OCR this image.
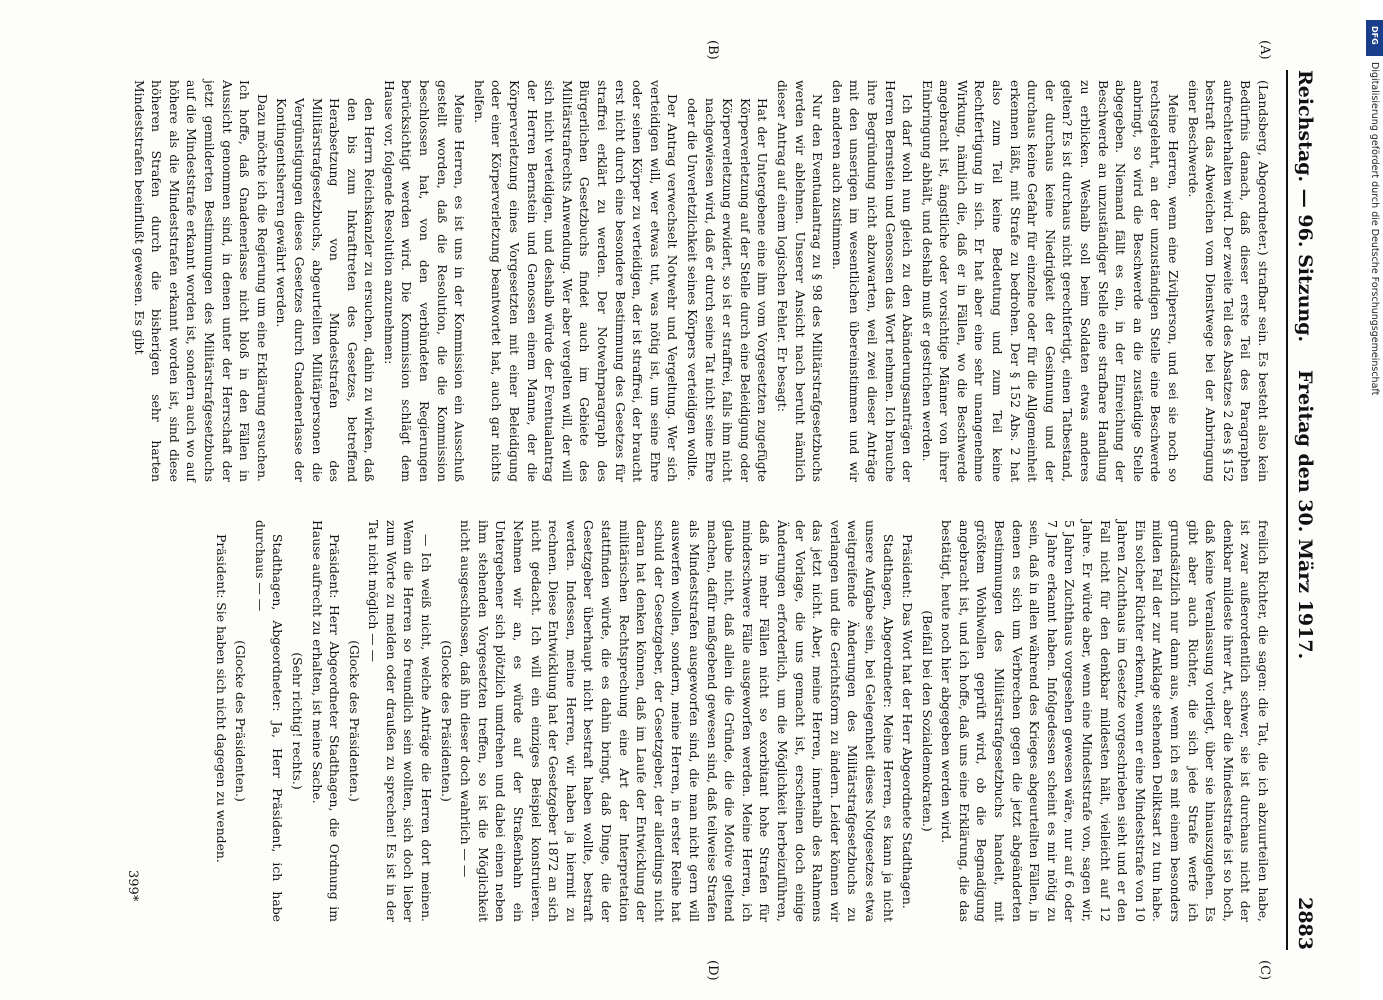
Reichstag. — 96. Sitzung.
Freitag den 30. März 1917.
2883
(A)
(B)
(C)
(D)

(Landsberg, Abgeordneter.) strafbar sein. Es besteht also kein Bedürfnis danach, daß dieser erste Teil des Paragraphen aufrechterhalten wird. Der zweite Teil des Absatzes 2 des § 152 bestraft das Abweichen vom Dienstwege bei der Anbringung einer Beschwerde.

Meine Herren, wenn eine Zivilperson, und sei sie noch so rechtsgelehrt, an der unzuständigen Stelle eine Beschwerde anbringt, so wird die Beschwerde an die zuständige Stelle abgegeben. Niemand fällt es ein, in der Einreichung der Beschwerde an unzuständiger Stelle eine strafbare Handlung zu erblicken. Weshalb soll beim Soldaten etwas anderes gelten? Es ist durchaus nicht gerechtfertigt, einen Tatbestand, der durchaus keine Niedrigkeit der Gesinnung und der durchaus keine Gefahr für einzelne oder für die Allgemeinheit erkennen läßt, mit Strafe zu bedrohen. Der § 152 Abs. 2 hat also zum Teil keine Bedeutung und zum Teil keine Rechtfertigung in sich. Er hat aber eine sehr unangenehme Wirkung, nämlich die, daß er in Fällen, wo die Beschwerde angebracht ist, ängstliche oder vorsichtige Männer von ihrer Einbringung abhält, und deshalb muß er gestrichen werden.

Ich darf wohl nun gleich zu den Abänderungsanträgen der Herren Bernstein und Genossen das Wort nehmen. Ich brauche ihre Begründung nicht abzuwarten, weil zwei dieser Anträge mit den unserigen im wesentlichen übereinstimmen und wir den anderen auch zustimmen.

Nur den Eventualantrag zu § 98 des Militärstrafgesetzbuchs werden wir ablehnen. Unserer Ansicht nach beruht nämlich dieser Antrag auf einem logischen Fehler. Er besagt:

Hat der Untergebene eine ihm vom Vorgesetzten zugefügte Körperverletzung auf der Stelle durch eine Beleidigung oder Körperverletzung erwidert, so ist er straffrei, falls ihm nicht nachgewiesen wird, daß er durch seine Tat nicht seine Ehre oder die Unverletzlichkeit seines Körpers verteidigen wollte.

Der Antrag verwechselt Notwehr und Vergeltung. Wer sich verteidigen will, wer etwas tut, was nötig ist, um seine Ehre oder seinen Körper zu verteidigen, der ist straffrei, der braucht erst nicht durch eine besondere Bestimmung des Gesetzes für straffrei erklärt zu werden. Der Notwehrparagraph des Bürgerlichen Gesetzbuchs findet auch im Gebiete des Militärstrafrechts Anwendung. Wer aber vergelten will, der will sich nicht verteidigen, und deshalb würde der Eventualantrag der Herren Bernstein und Genossen einem Manne, der die Körperverletzung eines Vorgesetzten mit einer Beleidigung oder einer Körperverletzung beantwortet hat, auch gar nichts helfen.

Meine Herren, es ist uns in der Kommission ein Ausschuß gestellt worden, daß die Resolution, die die Kommission beschlossen hat, von den verbündeten Regierungen berücksichtigt werden wird. Die Kommission schlägt dem Hause vor, folgende Resolution anzunehmen:

den Herrn Reichskanzler zu ersuchen, dahin zu wirken, daß den bis zum Inkrafttreten des Gesetzes, betreffend Herabsetzung von Mindeststrafen des Militärstrafgesetzbuchs, abgeurteilten Militärpersonen die Vergünstigungen dieses Gesetzes durch Gnadenerlasse der Kontingentsherren gewährt werden.

Dazu möchte ich die Regierung um eine Erklärung ersuchen. Ich hoffe, daß Gnadenerlasse nicht bloß in den Fällen in Aussicht genommen sind, in denen unter der Herrschaft der jetzt gemilderten Bestimmungen des Militärstrafgesetzbuchs auf die Mindeststrafe erkannt worden ist, sondern auch wo auf höhere als die Mindeststrafen erkannt worden ist, sind diese höheren Strafen durch die bisherigen sehr harten Mindeststrafen beeinflußt gewesen. Es gibt

freilich Richter, die sagen: die Tat, die ich abzuurteilen habe, ist zwar außerordentlich schwer, sie ist durchaus nicht der denkbar mildeste ihrer Art, aber die Mindeststrafe ist so hoch, daß keine Veranlassung vorliegt, über sie hinauszugehen. Es gibt aber auch Richter, die sich jede Strafe werfe ich grundsätzlich nur dann aus, wenn ich es mit einem besonders milden Fall der zur Anklage stehenden Deliktsart zu tun habe. Ein solcher Richter erkennt, wenn er eine Mindeststrafe von 10 Jahren Zuchthaus im Gesetze vorgeschrieben sieht und er den Fall nicht für den denkbar mildesten hält, vielleicht auf 12 Jahre. Er würde aber, wenn eine Mindeststrafe von, sagen wir, 5 Jahren Zuchthaus vorgesehen gewesen wäre, nur auf 6 oder 7 Jahre erkannt haben. Infolgedessen scheint es mir nötig zu sein, daß in allen während des Krieges abgeurteilten Fällen, in denen es sich um Verbrechen gegen die jetzt abgeänderten Bestimmungen des Militärstrafgesetzbuchs handelt, mit größtem Wohlwollen geprüft wird, ob die Begnadigung angebracht ist, und ich hoffe, daß uns eine Erklärung, die das bestätigt, heute noch hier abgegeben werden wird.

(Beifall bei den Sozialdemokraten.)

Präsident: Das Wort hat der Herr Abgeordnete Stadthagen.

Stadthagen, Abgeordneter: Meine Herren, es kann ja nicht unsere Aufgabe sein, bei Gelegenheit dieses Notgesetzes etwa weitgreifende Änderungen des Militärstrafgesetzbuchs zu verlangen und die Gerichtsform zu ändern. Leider können wir das jetzt nicht. Aber, meine Herren, innerhalb des Rahmens der Vorlage, die uns gemacht ist, erscheinen doch einige Änderungen erforderlich, um die Möglichkeit herbeizuführen, daß in mehr Fällen nicht so exorbitant hohe Strafen für minderschwere Fälle ausgeworfen werden. Meine Herren, ich glaube nicht, daß allein die Gründe, die die Motive geltend machen, dafür maßgebend gewesen sind, daß teilweise Strafen als Mindeststrafen ausgeworfen sind, die man nicht gern will auswerfen wollen, sondern, meine Herren, in erster Reihe hat schuld der Gesetzgeber, der Gesetzgeber, der allerdings nicht daran hat denken können, daß im Laufe der Entwicklung der militärischen Rechtsprechung eine Art der Interpretation stattfinden würde, die es dahin bringt, daß Dinge, die der Gesetzgeber überhaupt nicht bestraft haben wollte, bestraft werden. Indessen, meine Herren, wir haben ja hiermit zu rechnen. Diese Entwicklung hat der Gesetzgeber 1872 an sich nicht gedacht. Ich will ein einziges Beispiel konstruieren. Nehmen wir an, es würde auf der Straßenbahn ein Untergebener sich plötzlich umdrehen und dabei einen neben ihm stehenden Vorgesetzten treffen, so ist die Möglichkeit nicht ausgeschlossen, daß ihn dieser doch wahrlich — —

(Glocke des Präsidenten.)

— Ich weiß nicht, welche Anträge die Herren dort meinen. Wenn die Herren so freundlich sein wollten, sich doch lieber zum Worte zu melden oder draußen zu sprechen! Es ist in der Tat nicht möglich — —

(Glocke des Präsidenten.)

Präsident: Herr Abgeordneter Stadthagen, die Ordnung im Hause aufrecht zu erhalten, ist meine Sache.

(Sehr richtig! rechts.)

Stadthagen, Abgeordneter: Ja, Herr Präsident, ich habe durchaus — —

(Glocke des Präsidenten.)

Präsident: Sie haben sich nicht dagegen zu wenden.

399*
DFG
Digitalisierung gefördert durch die Deutsche Forschungsgemeinschaft
